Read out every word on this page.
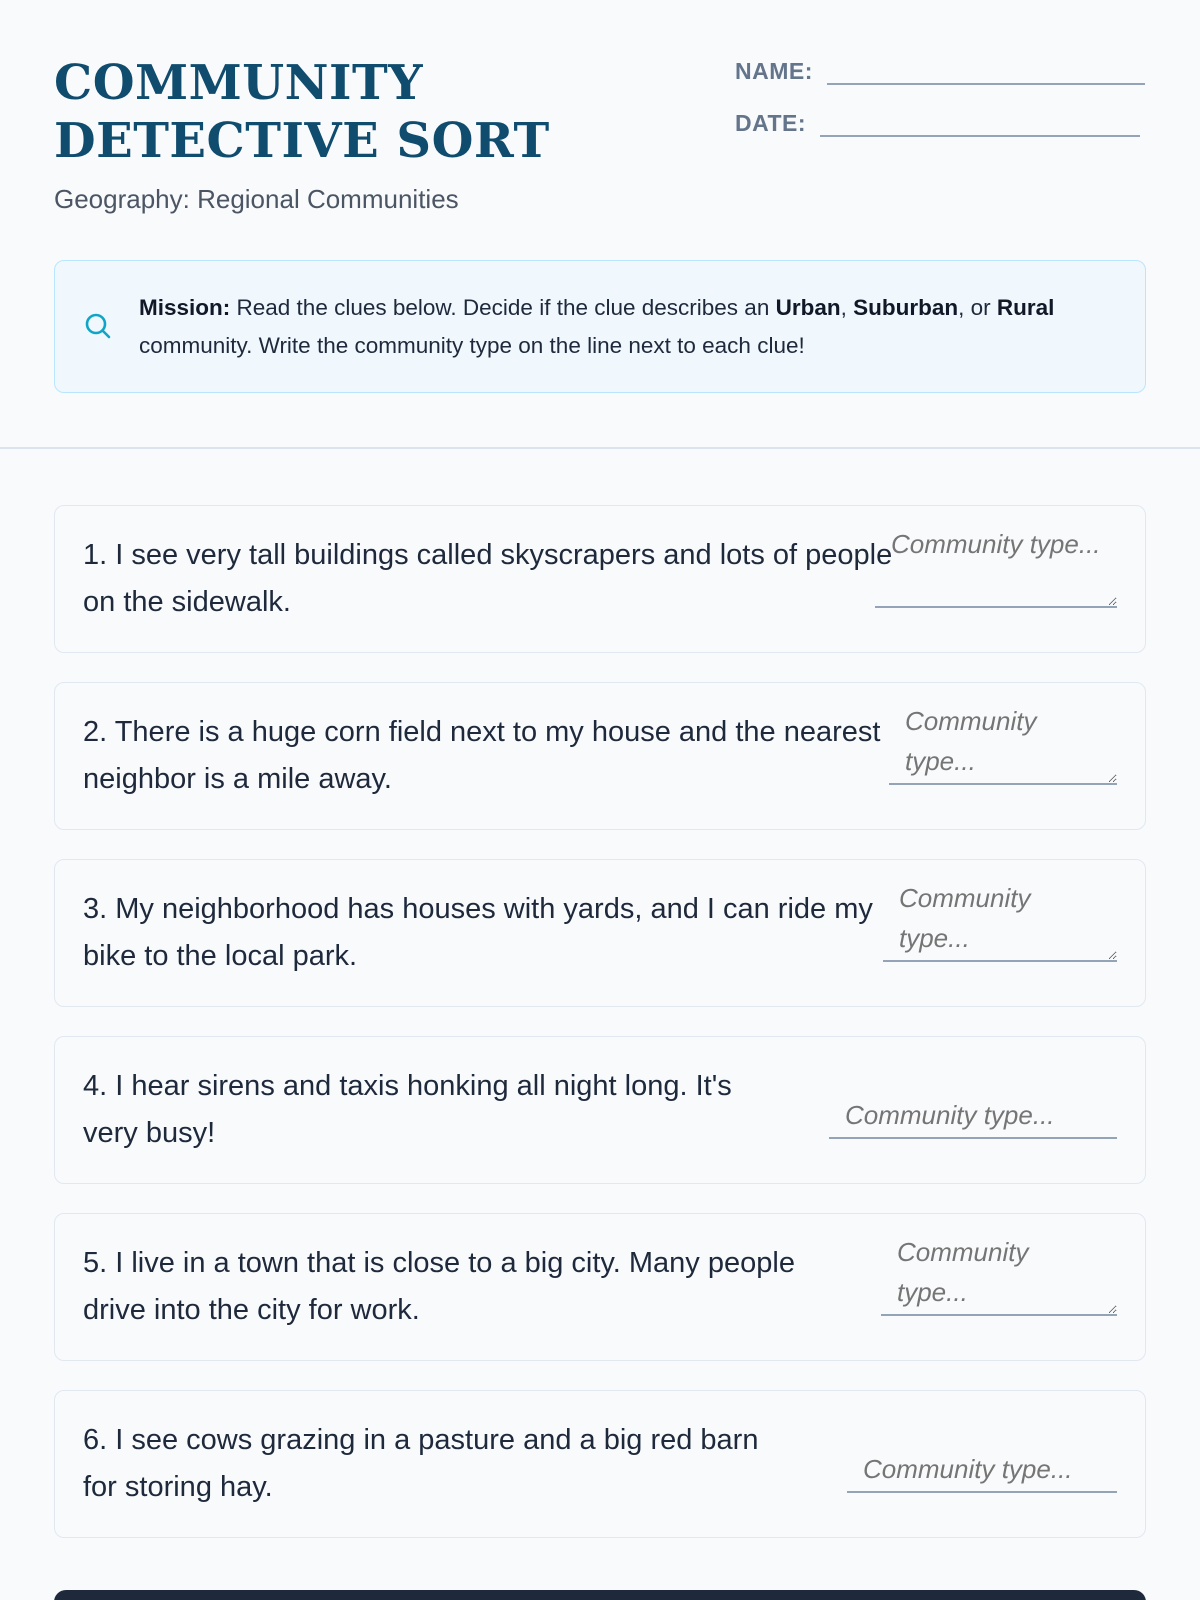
COMMUNITY DETECTIVE SORT
Geography: Regional Communities
NAME:
DATE:
Mission: Read the clues below. Decide if the clue describes an Urban, Suburban, or Rural community. Write the community type on the line next to each clue!
1. I see very tall buildings called skyscrapers and lots of people on the sidewalk.
Community type...
2. There is a huge corn field next to my house and the nearest neighbor is a mile away.
Community type...
3. My neighborhood has houses with yards, and I can ride my bike to the local park.
Community type...
4. I hear sirens and taxis honking all night long. It's very busy!
Community type...
5. I live in a town that is close to a big city. Many people drive into the city for work.
Community type...
6. I see cows grazing in a pasture and a big red barn for storing hay.
Community type...
